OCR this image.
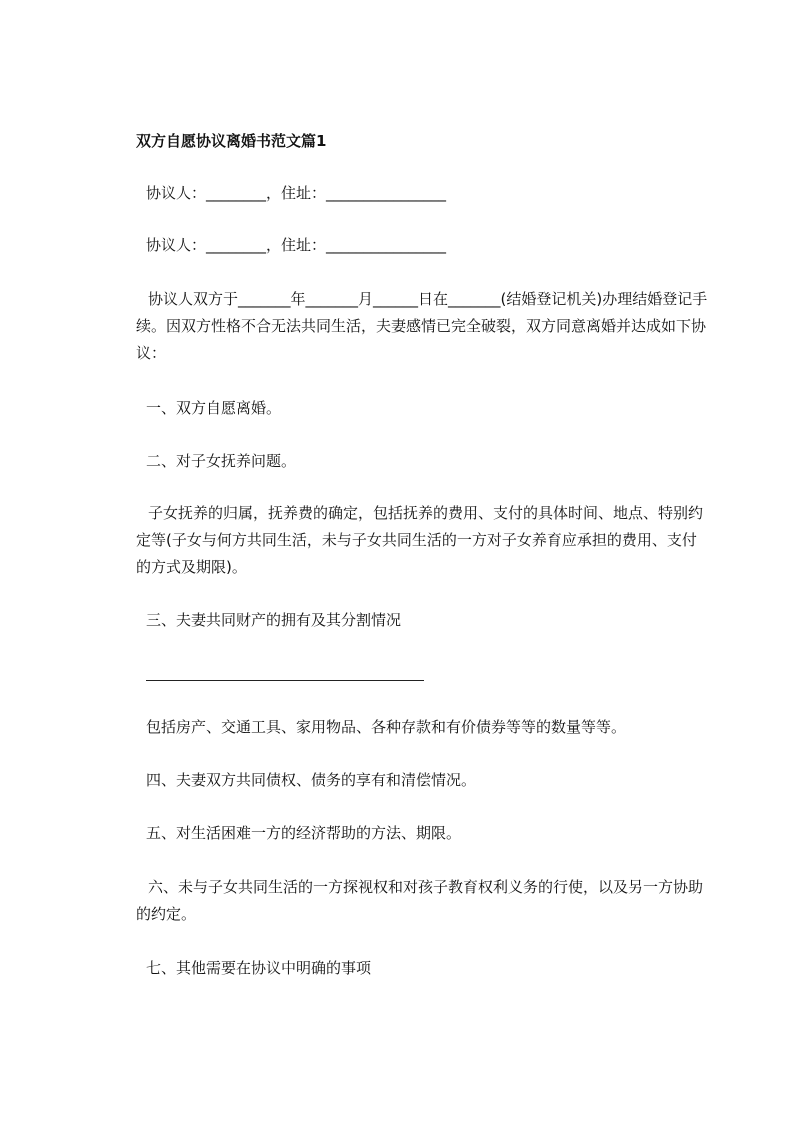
双方自愿协议离婚书范文篇1
协议人：________，住址：________________
协议人：________，住址：________________
协议人双方于_______年_______月______日在_______(结婚登记机关)办理结婚登记手续。因双方性格不合无法共同生活，夫妻感情已完全破裂，双方同意离婚并达成如下协议：
一、双方自愿离婚。
二、对子女抚养问题。
子女抚养的归属，抚养费的确定，包括抚养的费用、支付的具体时间、地点、特别约定等(子女与何方共同生活，未与子女共同生活的一方对子女养育应承担的费用、支付的方式及期限)。
三、夫妻共同财产的拥有及其分割情况
包括房产、交通工具、家用物品、各种存款和有价债券等等的数量等等。
四、夫妻双方共同债权、债务的享有和清偿情况。
五、对生活困难一方的经济帮助的方法、期限。
六、未与子女共同生活的一方探视权和对孩子教育权利义务的行使，以及另一方协助的约定。
七、其他需要在协议中明确的事项
